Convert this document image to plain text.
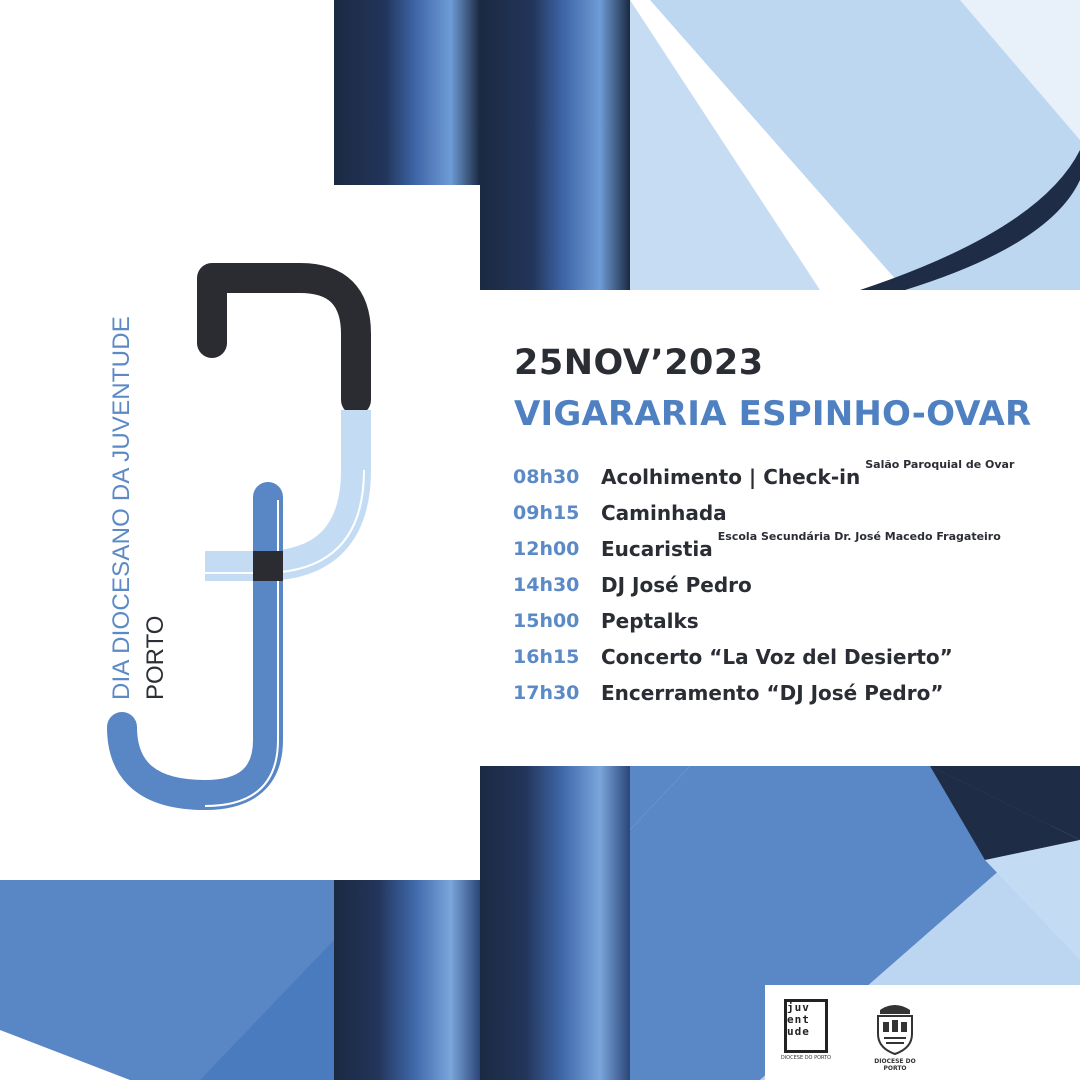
DIA DIOCESANO DA JUVENTUDE PORTO
25NOV’2023
VIGARARIA ESPINHO-OVAR
08h30 Acolhimento | Check-$in^{Salão Paroquial de Ovar}$
09h15 Caminhada
12h00 Eucaristia$^{Escola Secundária Dr. José Macedo Fragateiro}$
14h30 DJ José Pedro
15h00 Peptalks
16h15 Concerto “La Voz del Desierto”
17h30 Encerramento “DJ José Pedro”
juv
ent
ude
DIOCESE DO PORTO	DIOCESE DO PORTO
